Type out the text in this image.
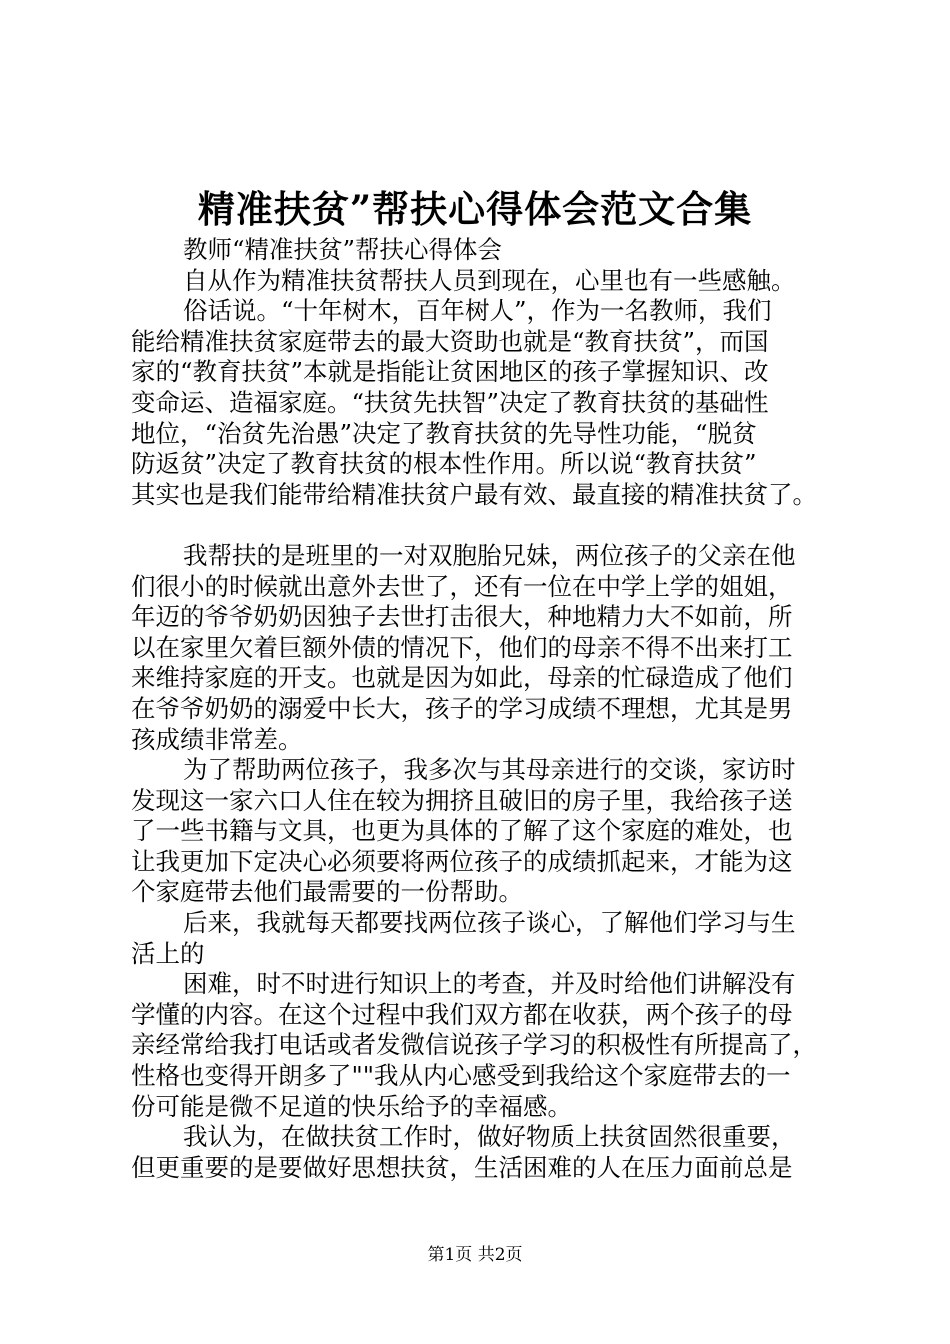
精准扶贫”帮扶心得体会范文合集

教师“精准扶贫”帮扶心得体会

自从作为精准扶贫帮扶人员到现在，心里也有一些感触。

俗话说。“十年树木，百年树人”，作为一名教师，我们

能给精准扶贫家庭带去的最大资助也就是“教育扶贫”，而国

家的“教育扶贫”本就是指能让贫困地区的孩子掌握知识、改

变命运、造福家庭。“扶贫先扶智”决定了教育扶贫的基础性

地位，“治贫先治愚”决定了教育扶贫的先导性功能，“脱贫

防返贫”决定了教育扶贫的根本性作用。所以说“教育扶贫”

其实也是我们能带给精准扶贫户最有效、最直接的精准扶贫了。

我帮扶的是班里的一对双胞胎兄妹，两位孩子的父亲在他

们很小的时候就出意外去世了，还有一位在中学上学的姐姐，

年迈的爷爷奶奶因独子去世打击很大，种地精力大不如前，所

以在家里欠着巨额外债的情况下，他们的母亲不得不出来打工

来维持家庭的开支。也就是因为如此，母亲的忙碌造成了他们

在爷爷奶奶的溺爱中长大，孩子的学习成绩不理想，尤其是男

孩成绩非常差。

为了帮助两位孩子，我多次与其母亲进行的交谈，家访时

发现这一家六口人住在较为拥挤且破旧的房子里，我给孩子送

了一些书籍与文具，也更为具体的了解了这个家庭的难处，也

让我更加下定决心必须要将两位孩子的成绩抓起来，才能为这

个家庭带去他们最需要的一份帮助。

后来，我就每天都要找两位孩子谈心，了解他们学习与生

活上的

困难，时不时进行知识上的考查，并及时给他们讲解没有

学懂的内容。在这个过程中我们双方都在收获，两个孩子的母

亲经常给我打电话或者发微信说孩子学习的积极性有所提高了，

性格也变得开朗多了""我从内心感受到我给这个家庭带去的一

份可能是微不足道的快乐给予的幸福感。

我认为，在做扶贫工作时，做好物质上扶贫固然很重要，

但更重要的是要做好思想扶贫，生活困难的人在压力面前总是

第1页 共2页
